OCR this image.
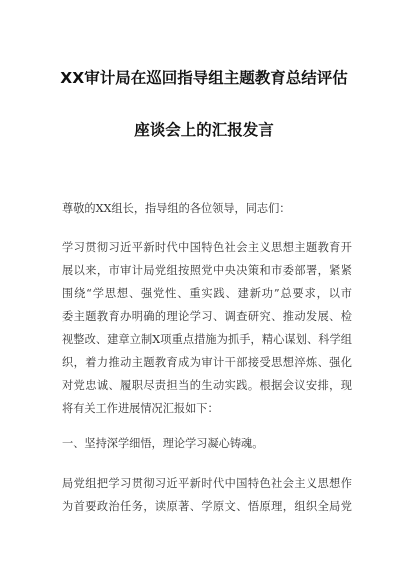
XX审计局在巡回指导组主题教育总结评估
座谈会上的汇报发言
尊敬的XX组长，指导组的各位领导，同志们：
学习贯彻习近平新时代中国特色社会主义思想主题教育开
展以来，市审计局党组按照党中央决策和市委部署，紧紧
围绕“学思想、强党性、重实践、建新功”总要求，以市
委主题教育办明确的理论学习、调查研究、推动发展、检
视整改、建章立制X项重点措施为抓手，精心谋划、科学组
织，着力推动主题教育成为审计干部接受思想淬炼、强化
对党忠诚、履职尽责担当的生动实践。根据会议安排，现
将有关工作进展情况汇报如下：
一、坚持深学细悟，理论学习凝心铸魂。
局党组把学习贯彻习近平新时代中国特色社会主义思想作
为首要政治任务，读原著、学原文、悟原理，组织全局党
